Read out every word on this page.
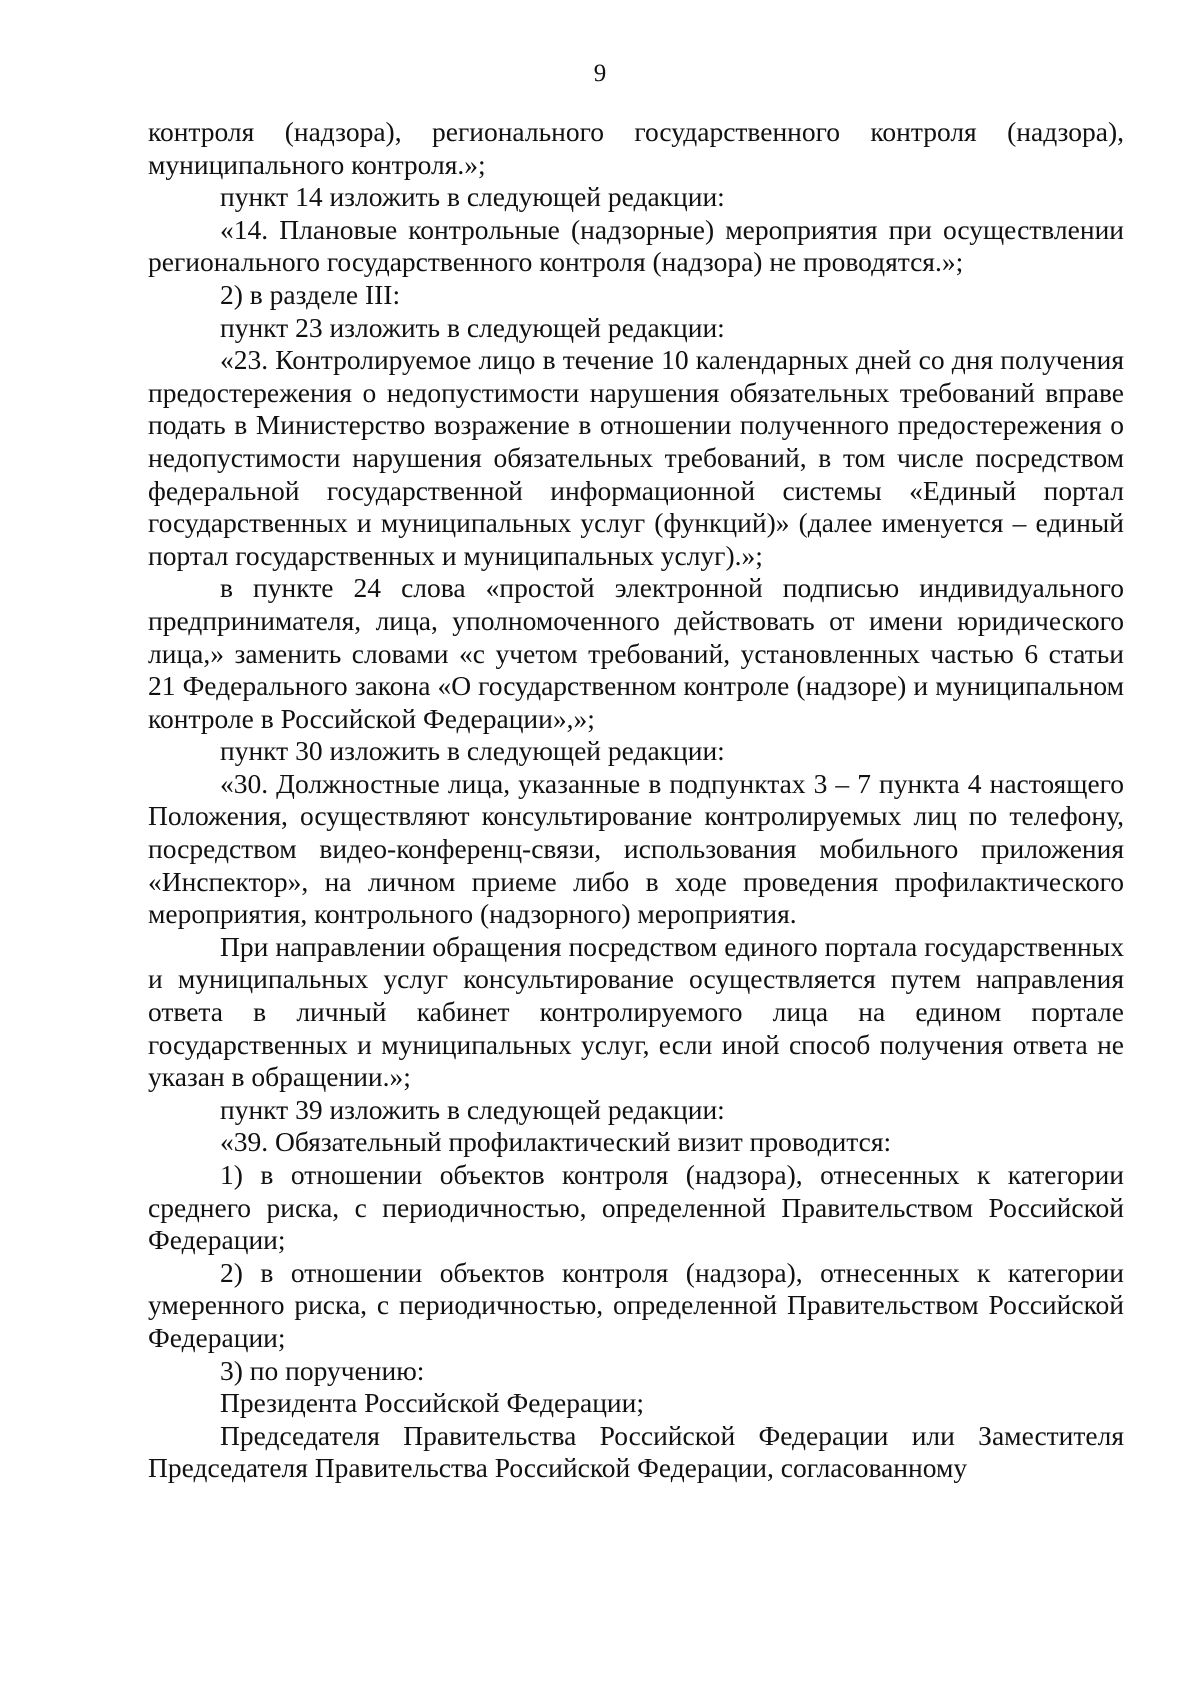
9

контроля (надзора), регионального государственного контроля (надзора), муниципального контроля.»;

пункт 14 изложить в следующей редакции:

«14. Плановые контрольные (надзорные) мероприятия при осуществлении регионального государственного контроля (надзора) не проводятся.»;

2) в разделе III:

пункт 23 изложить в следующей редакции:

«23. Контролируемое лицо в течение 10 календарных дней со дня получения предостережения о недопустимости нарушения обязательных требований вправе подать в Министерство возражение в отношении полученного предостережения о недопустимости нарушения обязательных требований, в том числе посредством федеральной государственной информационной системы «Единый портал государственных и муниципальных услуг (функций)» (далее именуется – единый портал государственных и муниципальных услуг).»;

в пункте 24 слова «простой электронной подписью индивидуального предпринимателя, лица, уполномоченного действовать от имени юридического лица,» заменить словами «с учетом требований, установленных частью 6 статьи 21 Федерального закона «О государственном контроле (надзоре) и муниципальном контроле в Российской Федерации»,»;

пункт 30 изложить в следующей редакции:

«30. Должностные лица, указанные в подпунктах 3 – 7 пункта 4 настоящего Положения, осуществляют консультирование контролируемых лиц по телефону, посредством видео-конференц-связи, использования мобильного приложения «Инспектор», на личном приеме либо в ходе проведения профилактического мероприятия, контрольного (надзорного) мероприятия.

При направлении обращения посредством единого портала государственных и муниципальных услуг консультирование осуществляется путем направления ответа в личный кабинет контролируемого лица на едином портале государственных и муниципальных услуг, если иной способ получения ответа не указан в обращении.»;

пункт 39 изложить в следующей редакции:

«39. Обязательный профилактический визит проводится:

1) в отношении объектов контроля (надзора), отнесенных к категории среднего риска, с периодичностью, определенной Правительством Российской Федерации;

2) в отношении объектов контроля (надзора), отнесенных к категории умеренного риска, с периодичностью, определенной Правительством Российской Федерации;

3) по поручению:

Президента Российской Федерации;

Председателя Правительства Российской Федерации или Заместителя Председателя Правительства Российской Федерации, согласованному
